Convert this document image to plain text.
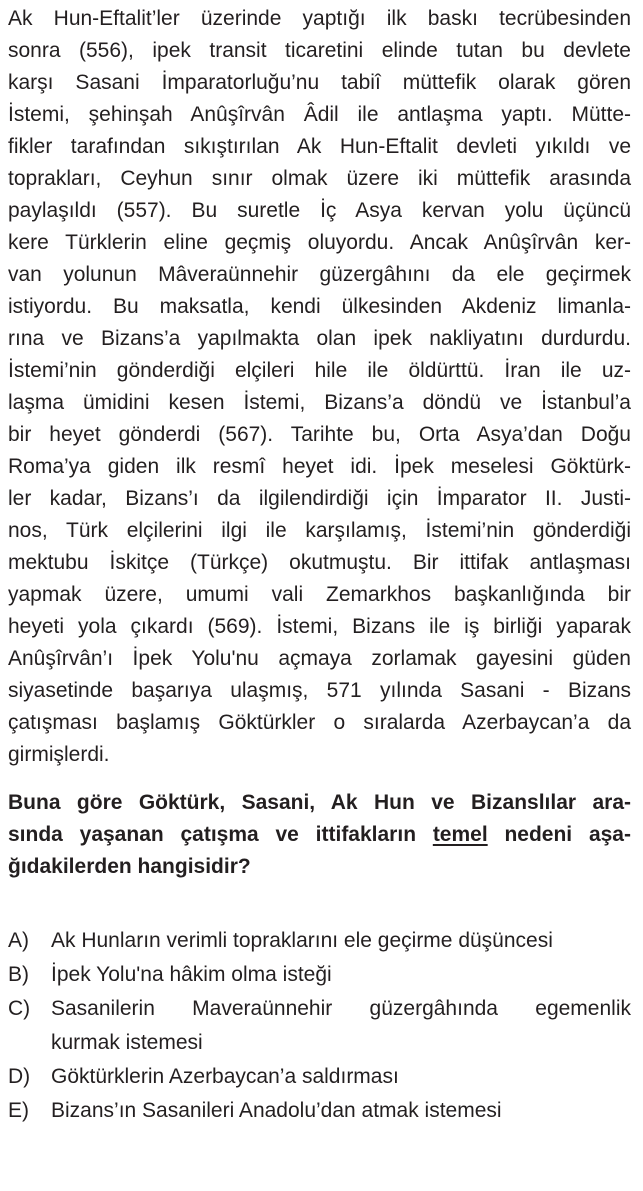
Ak Hun-Eftalit’ler üzerinde yaptığı ilk baskı tecrübesinden
sonra (556), ipek transit ticaretini elinde tutan bu devlete
karşı Sasani İmparatorluğu’nu tabiî müttefik olarak gören
İstemi, şehinşah Anûşîrvân Âdil ile antlaşma yaptı. Mütte-
fikler tarafından sıkıştırılan Ak Hun-Eftalit devleti yıkıldı ve
toprakları, Ceyhun sınır olmak üzere iki müttefik arasında
paylaşıldı (557). Bu suretle İç Asya kervan yolu üçüncü
kere Türklerin eline geçmiş oluyordu. Ancak Anûşîrvân ker-
van yolunun Mâveraünnehir güzergâhını da ele geçirmek
istiyordu. Bu maksatla, kendi ülkesinden Akdeniz limanla-
rına ve Bizans’a yapılmakta olan ipek nakliyatını durdurdu.
İstemi’nin gönderdiği elçileri hile ile öldürttü. İran ile uz-
laşma ümidini kesen İstemi, Bizans’a döndü ve İstanbul’a
bir heyet gönderdi (567). Tarihte bu, Orta Asya’dan Doğu
Roma’ya giden ilk resmî heyet idi. İpek meselesi Göktürk-
ler kadar, Bizans’ı da ilgilendirdiği için İmparator II. Justi-
nos, Türk elçilerini ilgi ile karşılamış, İstemi’nin gönderdiği
mektubu İskitçe (Türkçe) okutmuştu. Bir ittifak antlaşması
yapmak üzere, umumi vali Zemarkhos başkanlığında bir
heyeti yola çıkardı (569). İstemi, Bizans ile iş birliği yaparak
Anûşîrvân’ı İpek Yolu'nu açmaya zorlamak gayesini güden
siyasetinde başarıya ulaşmış, 571 yılında Sasani - Bizans
çatışması başlamış Göktürkler o sıralarda Azerbaycan’a da
girmişlerdi.
Buna göre Göktürk, Sasani, Ak Hun ve Bizanslılar ara-
sında yaşanan çatışma ve ittifakların temel nedeni aşa-
ğıdakilerden hangisidir?
A)	Ak Hunların verimli topraklarını ele geçirme düşüncesi
B)	İpek Yolu'na hâkim olma isteği
C) Sasanilerin Maveraünnehir güzergâhında egemenlik
kurmak istemesi
D) Göktürklerin Azerbaycan’a saldırması
E)	Bizans’ın Sasanileri Anadolu’dan atmak istemesi
